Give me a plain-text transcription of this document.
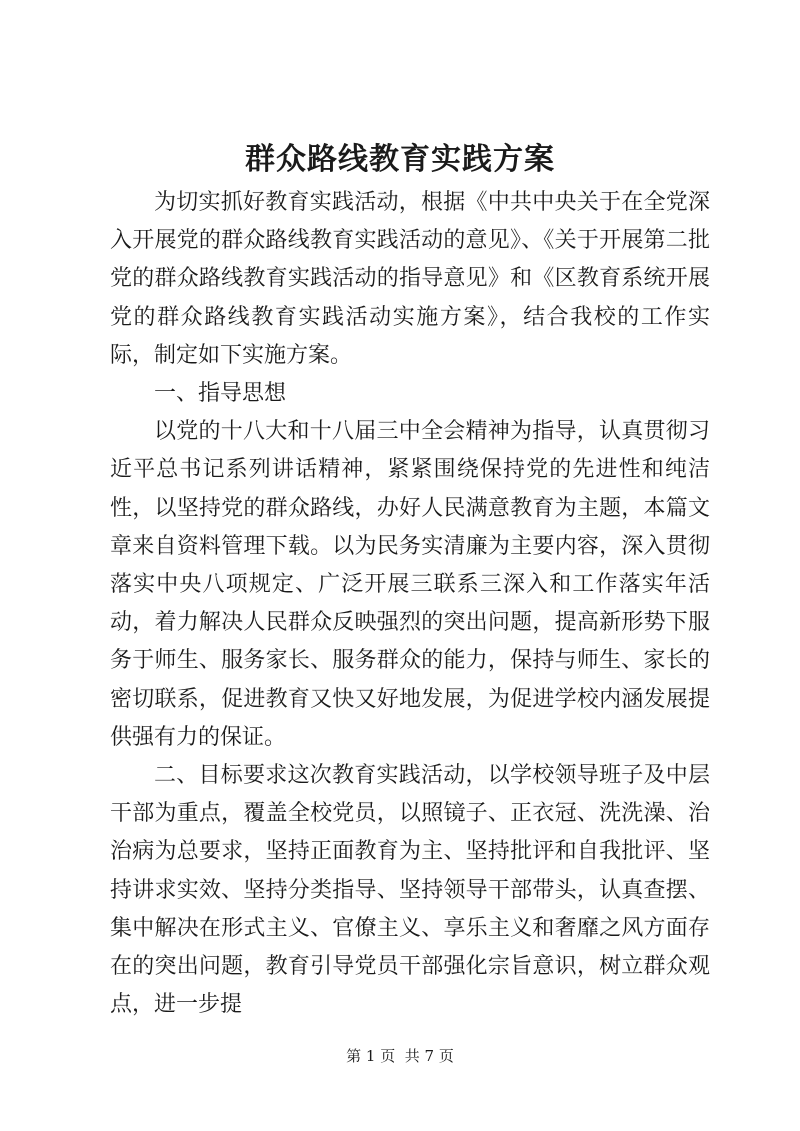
群众路线教育实践方案

为切实抓好教育实践活动，根据《中共中央关于在全党深入开展党的群众路线教育实践活动的意见》、《关于开展第二批党的群众路线教育实践活动的指导意见》和《区教育系统开展党的群众路线教育实践活动实施方案》，结合我校的工作实际，制定如下实施方案。

一、指导思想

以党的十八大和十八届三中全会精神为指导，认真贯彻习近平总书记系列讲话精神，紧紧围绕保持党的先进性和纯洁性，以坚持党的群众路线，办好人民满意教育为主题，本篇文章来自资料管理下载。以为民务实清廉为主要内容，深入贯彻落实中央八项规定、广泛开展三联系三深入和工作落实年活动，着力解决人民群众反映强烈的突出问题，提高新形势下服务于师生、服务家长、服务群众的能力，保持与师生、家长的密切联系，促进教育又快又好地发展，为促进学校内涵发展提供强有力的保证。

二、目标要求这次教育实践活动，以学校领导班子及中层干部为重点，覆盖全校党员，以照镜子、正衣冠、洗洗澡、治治病为总要求，坚持正面教育为主、坚持批评和自我批评、坚持讲求实效、坚持分类指导、坚持领导干部带头，认真查摆、集中解决在形式主义、官僚主义、享乐主义和奢靡之风方面存在的突出问题，教育引导党员干部强化宗旨意识，树立群众观点，进一步提

第 1 页  共 7 页
